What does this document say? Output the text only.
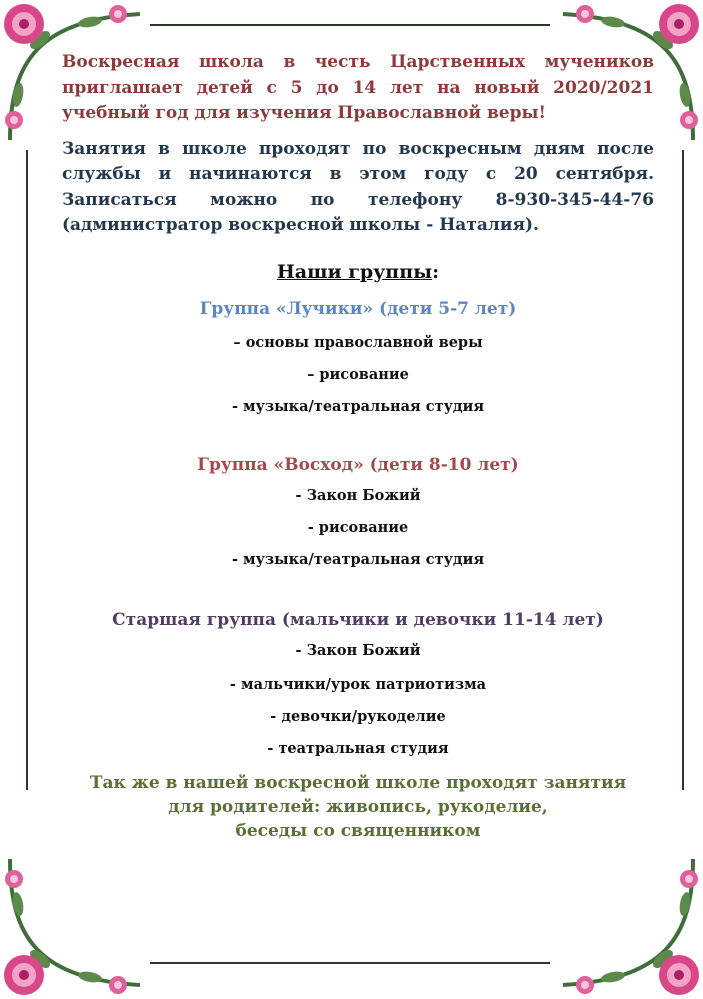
Воскресная школа в честь Царственных мучеников
приглашает детей с 5 до 14 лет на новый 2020/2021
учебный год для изучения Православной веры!
Занятия в школе проходят по воскресным дням после
службы и начинаются в этом году с 20 сентября.
Записаться можно по телефону 8-930-345-44-76
(администратор воскресной школы - Наталия).
Наши группы:
Группа «Лучики» (дети 5-7 лет)
– основы православной веры
– рисование
- музыка/театральная студия
Группа «Восход» (дети 8-10 лет)
- Закон Божий
- рисование
- музыка/театральная студия
Старшая группа (мальчики и девочки 11-14 лет)
- Закон Божий
- мальчики/урок патриотизма
- девочки/рукоделие
- театральная студия
Так же в нашей воскресной школе проходят занятия
для родителей: живопись, рукоделие,
беседы со священником
